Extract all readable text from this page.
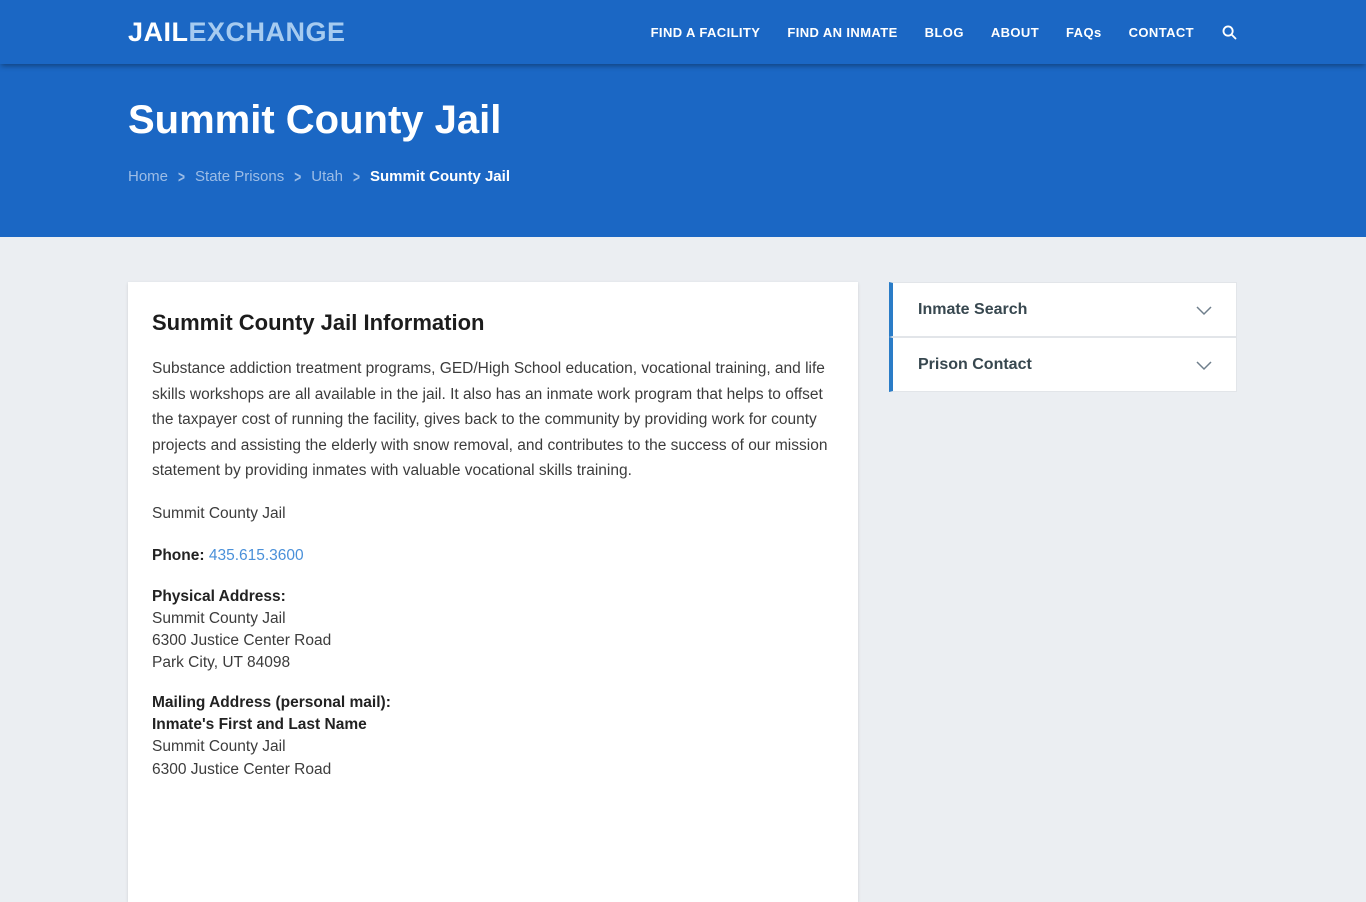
JAILEXCHANGE	FIND A FACILITY FIND AN INMATE BLOG ABOUT FAQs CONTACT
Summit County Jail
Home > State Prisons > Utah > Summit County Jail
Summit County Jail Information

Substance addiction treatment programs, GED/High School education, vocational training, and life skills workshops are all available in the jail. It also has an inmate work program that helps to offset the taxpayer cost of running the facility, gives back to the community by providing work for county projects and assisting the elderly with snow removal, and contributes to the success of our mission statement by providing inmates with valuable vocational skills training.

Summit County Jail

Phone: 435.615.3600

Physical Address:
Summit County Jail
6300 Justice Center Road
Park City, UT 84098
Mailing Address (personal mail):
Inmate's First and Last Name
Summit County Jail
6300 Justice Center Road
Inmate Search
Prison Contact
